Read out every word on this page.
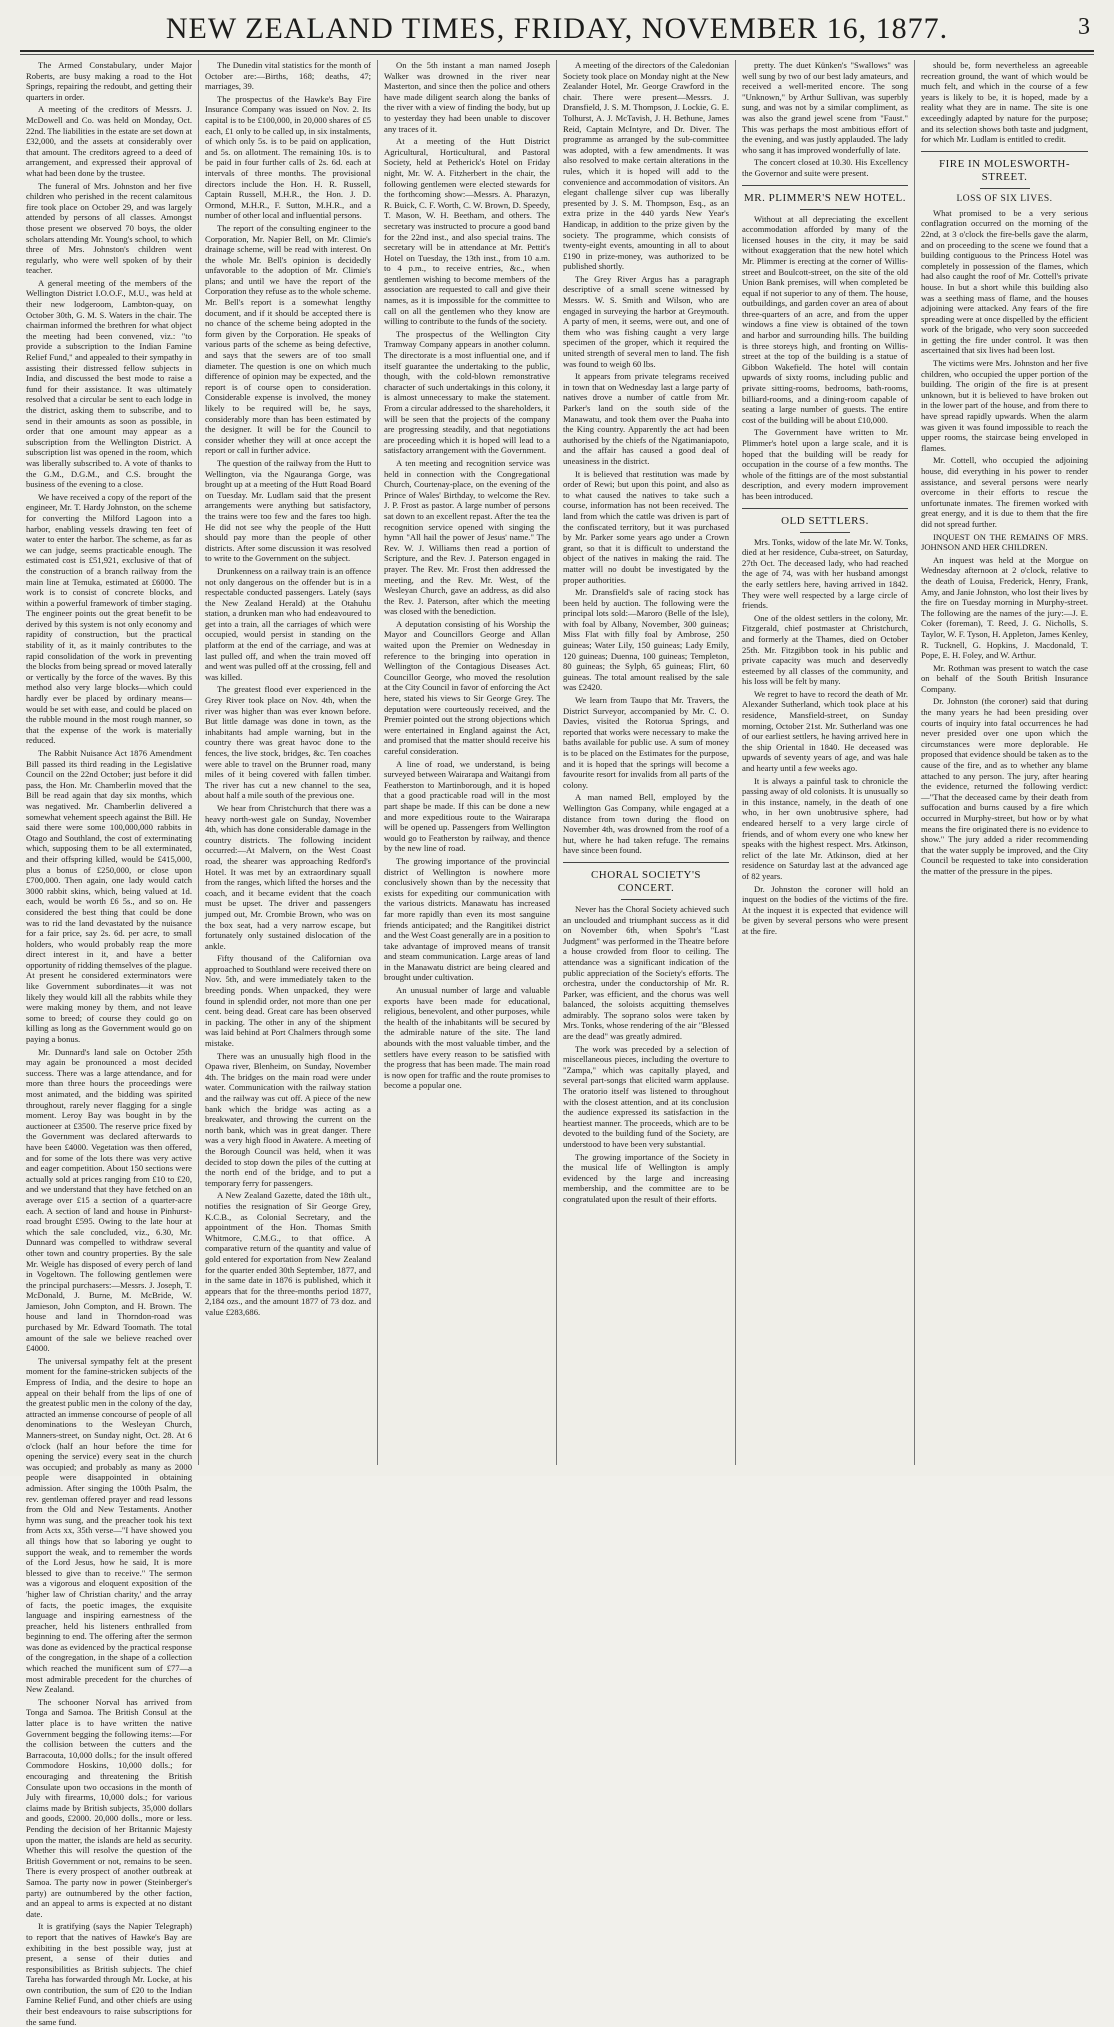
NEW ZEALAND TIMES, FRIDAY, NOVEMBER 16, 1877.	3

The Armed Constabulary, under Major Roberts, are busy making a road to the Hot Springs, repairing the redoubt, and getting their quarters in order.

A meeting of the creditors of Messrs. J. McDowell and Co. was held on Monday, Oct. 22nd. The liabilities in the estate are set down at £32,000, and the assets at considerably over that amount. The creditors agreed to a deed of arrangement, and expressed their approval of what had been done by the trustee.

The funeral of Mrs. Johnston and her five children who perished in the recent calamitous fire took place on October 29, and was largely attended by persons of all classes. Amongst those present we observed 70 boys, the older scholars attending Mr. Young's school, to which three of Mrs. Johnston's children went regularly, who were well spoken of by their teacher.

A general meeting of the members of the Wellington District I.O.O.F., M.U., was held at their new lodgeroom, Lambton-quay, on October 30th, G. M. S. Waters in the chair. The chairman informed the brethren for what object the meeting had been convened, viz.: "to provide a subscription to the Indian Famine Relief Fund," and appealed to their sympathy in assisting their distressed fellow subjects in India, and discussed the best mode to raise a fund for their assistance. It was ultimately resolved that a circular be sent to each lodge in the district, asking them to subscribe, and to send in their amounts as soon as possible, in order that one amount may appear as a subscription from the Wellington District. A subscription list was opened in the room, which was liberally subscribed to. A vote of thanks to the G.M., D.G.M., and C.S. brought the business of the evening to a close.

We have received a copy of the report of the engineer, Mr. T. Hardy Johnston, on the scheme for converting the Milford Lagoon into a harbor, enabling vessels drawing ten feet of water to enter the harbor. The scheme, as far as we can judge, seems practicable enough. The estimated cost is £51,921, exclusive of that of the construction of a branch railway from the main line at Temuka, estimated at £6000. The work is to consist of concrete blocks, and within a powerful framework of timber staging. The engineer points out the great benefit to be derived by this system is not only economy and rapidity of construction, but the practical stability of it, as it mainly contributes to the rapid consolidation of the work in preventing the blocks from being spread or moved laterally or vertically by the force of the waves. By this method also very large blocks—which could hardly ever be placed by ordinary means—would be set with ease, and could be placed on the rubble mound in the most rough manner, so that the expense of the work is materially reduced.

The Rabbit Nuisance Act 1876 Amendment Bill passed its third reading in the Legislative Council on the 22nd October; just before it did pass, the Hon. Mr. Chamberlin moved that the Bill be read again that day six months, which was negatived. Mr. Chamberlin delivered a somewhat vehement speech against the Bill. He said there were some 100,000,000 rabbits in Otago and Southland, the cost of exterminating which, supposing them to be all exterminated, and their offspring killed, would be £415,000, plus a bonus of £250,000, or close upon £700,000. Then again, one lady would catch 3000 rabbit skins, which, being valued at 1d. each, would be worth £6 5s., and so on. He considered the best thing that could be done was to rid the land devastated by the nuisance for a fair price, say 2s. 6d. per acre, to small holders, who would probably reap the more direct interest in it, and have a better opportunity of ridding themselves of the plague. At present he considered exterminators were like Government subordinates—it was not likely they would kill all the rabbits while they were making money by them, and not leave some to breed; of course they could go on killing as long as the Government would go on paying a bonus.

Mr. Dunnard's land sale on October 25th may again be pronounced a most decided success. There was a large attendance, and for more than three hours the proceedings were most animated, and the bidding was spirited throughout, rarely never flagging for a single moment. Leroy Bay was bought in by the auctioneer at £3500. The reserve price fixed by the Government was declared afterwards to have been £4000. Vegetation was then offered, and for some of the lots there was very active and eager competition. About 150 sections were actually sold at prices ranging from £10 to £20, and we understand that they have fetched on an average over £15 a section of a quarter-acre each. A section of land and house in Pinhurst-road brought £595. Owing to the late hour at which the sale concluded, viz., 6.30, Mr. Dunnard was compelled to withdraw several other town and country properties. By the sale Mr. Weigle has disposed of every perch of land in Vogeltown. The following gentlemen were the principal purchasers:—Messrs. J. Joseph, T. McDonald, J. Burne, M. McBride, W. Jamieson, John Compton, and H. Brown. The house and land in Thorndon-road was purchased by Mr. Edward Toomath. The total amount of the sale we believe reached over £4000.

The universal sympathy felt at the present moment for the famine-stricken subjects of the Empress of India, and the desire to hope an appeal on their behalf from the lips of one of the greatest public men in the colony of the day, attracted an immense concourse of people of all denominations to the Wesleyan Church, Manners-street, on Sunday night, Oct. 28. At 6 o'clock (half an hour before the time for opening the service) every seat in the church was occupied; and probably as many as 2000 people were disappointed in obtaining admission. After singing the 100th Psalm, the rev. gentleman offered prayer and read lessons from the Old and New Testaments. Another hymn was sung, and the preacher took his text from Acts xx, 35th verse—"I have showed you all things how that so laboring ye ought to support the weak, and to remember the words of the Lord Jesus, how he said, It is more blessed to give than to receive." The sermon was a vigorous and eloquent exposition of the 'higher law of Christian charity,' and the array of facts, the poetic images, the exquisite language and inspiring earnestness of the preacher, held his listeners enthralled from beginning to end. The offering after the sermon was done as evidenced by the practical response of the congregation, in the shape of a collection which reached the munificent sum of £77—a most admirable precedent for the churches of New Zealand.

The schooner Norval has arrived from Tonga and Samoa. The British Consul at the latter place is to have written the native Government begging the following items:—For the collision between the cutters and the Barracouta, 10,000 dolls.; for the insult offered Commodore Hoskins, 10,000 dolls.; for encouraging and threatening the British Consulate upon two occasions in the month of July with firearms, 10,000 dols.; for various claims made by British subjects, 35,000 dollars and goods, £2000. 20,000 dolls., more or less. Pending the decision of her Britannic Majesty upon the matter, the islands are held as security. Whether this will resolve the question of the British Government or not, remains to be seen. There is every prospect of another outbreak at Samoa. The party now in power (Steinberger's party) are outnumbered by the other faction, and an appeal to arms is expected at no distant date.

It is gratifying (says the Napier Telegraph) to report that the natives of Hawke's Bay are exhibiting in the best possible way, just at present, a sense of their duties and responsibilities as British subjects. The chief Tareha has forwarded through Mr. Locke, at his own contribution, the sum of £20 to the Indian Famine Relief Fund, and other chiefs are using their best endeavours to raise subscriptions for the same fund.

The Dunedin vital statistics for the month of October are:—Births, 168; deaths, 47; marriages, 39.

The prospectus of the Hawke's Bay Fire Insurance Company was issued on Nov. 2. Its capital is to be £100,000, in 20,000 shares of £5 each, £1 only to be called up, in six instalments, of which only 5s. is to be paid on application, and 5s. on allotment. The remaining 10s. is to be paid in four further calls of 2s. 6d. each at intervals of three months. The provisional directors include the Hon. H. R. Russell, Captain Russell, M.H.R., the Hon. J. D. Ormond, M.H.R., F. Sutton, M.H.R., and a number of other local and influential persons.

The report of the consulting engineer to the Corporation, Mr. Napier Bell, on Mr. Climie's drainage scheme, will be read with interest. On the whole Mr. Bell's opinion is decidedly unfavorable to the adoption of Mr. Climie's plans; and until we have the report of the Corporation they refuse as to the whole scheme. Mr. Bell's report is a somewhat lengthy document, and if it should be accepted there is no chance of the scheme being adopted in the form given by the Corporation. He speaks of various parts of the scheme as being defective, and says that the sewers are of too small diameter. The question is one on which much difference of opinion may be expected, and the report is of course open to consideration. Considerable expense is involved, the money likely to be required will be, he says, considerably more than has been estimated by the designer. It will be for the Council to consider whether they will at once accept the report or call in further advice.

The question of the railway from the Hutt to Wellington, via the Ngauranga Gorge, was brought up at a meeting of the Hutt Road Board on Tuesday. Mr. Ludlam said that the present arrangements were anything but satisfactory, the trains were too few and the fares too high. He did not see why the people of the Hutt should pay more than the people of other districts. After some discussion it was resolved to write to the Government on the subject.

Drunkenness on a railway train is an offence not only dangerous on the offender but is in a respectable conducted passengers. Lately (says the New Zealand Herald) at the Otahuhu station, a drunken man who had endeavoured to get into a train, all the carriages of which were occupied, would persist in standing on the platform at the end of the carriage, and was at last pulled off, and when the train moved off and went was pulled off at the crossing, fell and was killed.

The greatest flood ever experienced in the Grey River took place on Nov. 4th, when the river was higher than was ever known before. But little damage was done in town, as the inhabitants had ample warning, but in the country there was great havoc done to the fences, the live stock, bridges, &c. Ten coaches were able to travel on the Brunner road, many miles of it being covered with fallen timber. The river has cut a new channel to the sea, about half a mile south of the previous one.

We hear from Christchurch that there was a heavy north-west gale on Sunday, November 4th, which has done considerable damage in the country districts. The following incident occurred:—At Malvern, on the West Coast road, the shearer was approaching Redford's Hotel. It was met by an extraordinary squall from the ranges, which lifted the horses and the coach, and it became evident that the coach must be upset. The driver and passengers jumped out, Mr. Crombie Brown, who was on the box seat, had a very narrow escape, but fortunately only sustained dislocation of the ankle.

Fifty thousand of the Californian ova approached to Southland were received there on Nov. 5th, and were immediately taken to the breeding ponds. When unpacked, they were found in splendid order, not more than one per cent. being dead. Great care has been observed in packing. The other in any of the shipment was laid behind at Port Chalmers through some mistake.

There was an unusually high flood in the Opawa river, Blenheim, on Sunday, November 4th. The bridges on the main road were under water. Communication with the railway station and the railway was cut off. A piece of the new bank which the bridge was acting as a breakwater, and throwing the current on the north bank, which was in great danger. There was a very high flood in Awatere. A meeting of the Borough Council was held, when it was decided to stop down the piles of the cutting at the north end of the bridge, and to put a temporary ferry for passengers.

A New Zealand Gazette, dated the 18th ult., notifies the resignation of Sir George Grey, K.C.B., as Colonial Secretary, and the appointment of the Hon. Thomas Smith Whitmore, C.M.G., to that office. A comparative return of the quantity and value of gold entered for exportation from New Zealand for the quarter ended 30th September, 1877, and in the same date in 1876 is published, which it appears that for the three-months period 1877, 2,184 ozs., and the amount 1877 of 73 doz. and value £283,686.

On the 5th instant a man named Joseph Walker was drowned in the river near Masterton, and since then the police and others have made diligent search along the banks of the river with a view of finding the body, but up to yesterday they had been unable to discover any traces of it.

At a meeting of the Hutt District Agricultural, Horticultural, and Pastoral Society, held at Petherick's Hotel on Friday night, Mr. W. A. Fitzherbert in the chair, the following gentlemen were elected stewards for the forthcoming show:—Messrs. A. Pharazyn, R. Buick, C. F. Worth, C. W. Brown, D. Speedy, T. Mason, W. H. Beetham, and others. The secretary was instructed to procure a good band for the 22nd inst., and also special trains. The secretary will be in attendance at Mr. Pettit's Hotel on Tuesday, the 13th inst., from 10 a.m. to 4 p.m., to receive entries, &c., when gentlemen wishing to become members of the association are requested to call and give their names, as it is impossible for the committee to call on all the gentlemen who they know are willing to contribute to the funds of the society.

The prospectus of the Wellington City Tramway Company appears in another column. The directorate is a most influential one, and if itself guarantee the undertaking to the public, though, with the cold-blown remonstrative character of such undertakings in this colony, it is almost unnecessary to make the statement. From a circular addressed to the shareholders, it will be seen that the projects of the company are progressing steadily, and that negotiations are proceeding which it is hoped will lead to a satisfactory arrangement with the Government.

A ten meeting and recognition service was held in connection with the Congregational Church, Courtenay-place, on the evening of the Prince of Wales' Birthday, to welcome the Rev. J. P. Frost as pastor. A large number of persons sat down to an excellent repast. After the tea the recognition service opened with singing the hymn "All hail the power of Jesus' name." The Rev. W. J. Williams then read a portion of Scripture, and the Rev. J. Paterson engaged in prayer. The Rev. Mr. Frost then addressed the meeting, and the Rev. Mr. West, of the Wesleyan Church, gave an address, as did also the Rev. J. Paterson, after which the meeting was closed with the benediction.

A deputation consisting of his Worship the Mayor and Councillors George and Allan waited upon the Premier on Wednesday in reference to the bringing into operation in Wellington of the Contagious Diseases Act. Councillor George, who moved the resolution at the City Council in favor of enforcing the Act here, stated his views to Sir George Grey. The deputation were courteously received, and the Premier pointed out the strong objections which were entertained in England against the Act, and promised that the matter should receive his careful consideration.

A line of road, we understand, is being surveyed between Wairarapa and Waitangi from Featherston to Martinborough, and it is hoped that a good practicable road will in the most part shape be made. If this can be done a new and more expeditious route to the Wairarapa will be opened up. Passengers from Wellington would go to Featherston by railway, and thence by the new line of road.

The growing importance of the provincial district of Wellington is nowhere more conclusively shown than by the necessity that exists for expediting our communication with the various districts. Manawatu has increased far more rapidly than even its most sanguine friends anticipated; and the Rangitikei district and the West Coast generally are in a position to take advantage of improved means of transit and steam communication. Large areas of land in the Manawatu district are being cleared and brought under cultivation.

An unusual number of large and valuable exports have been made for educational, religious, benevolent, and other purposes, while the health of the inhabitants will be secured by the admirable nature of the site. The land abounds with the most valuable timber, and the settlers have every reason to be satisfied with the progress that has been made. The main road is now open for traffic and the route promises to become a popular one.

A meeting of the directors of the Caledonian Society took place on Monday night at the New Zealander Hotel, Mr. George Crawford in the chair. There were present—Messrs. J. Dransfield, J. S. M. Thompson, J. Lockie, G. E. Tolhurst, A. J. McTavish, J. H. Bethune, James Reid, Captain McIntyre, and Dr. Diver. The programme as arranged by the sub-committee was adopted, with a few amendments. It was also resolved to make certain alterations in the rules, which it is hoped will add to the convenience and accommodation of visitors. An elegant challenge silver cup was liberally presented by J. S. M. Thompson, Esq., as an extra prize in the 440 yards New Year's Handicap, in addition to the prize given by the society. The programme, which consists of twenty-eight events, amounting in all to about £190 in prize-money, was authorized to be published shortly.

The Grey River Argus has a paragraph descriptive of a small scene witnessed by Messrs. W. S. Smith and Wilson, who are engaged in surveying the harbor at Greymouth. A party of men, it seems, were out, and one of them who was fishing caught a very large specimen of the groper, which it required the united strength of several men to land. The fish was found to weigh 60 lbs.

It appears from private telegrams received in town that on Wednesday last a large party of natives drove a number of cattle from Mr. Parker's land on the south side of the Manawatu, and took them over the Puaha into the King country. Apparently the act had been authorised by the chiefs of the Ngatimaniapoto, and the affair has caused a good deal of uneasiness in the district.

It is believed that restitution was made by order of Rewi; but upon this point, and also as to what caused the natives to take such a course, information has not been received. The land from which the cattle was driven is part of the confiscated territory, but it was purchased by Mr. Parker some years ago under a Crown grant, so that it is difficult to understand the object of the natives in making the raid. The matter will no doubt be investigated by the proper authorities.

Mr. Dransfield's sale of racing stock has been held by auction. The following were the principal lots sold:—Maroro (Belle of the Isle), with foal by Albany, November, 300 guineas; Miss Flat with filly foal by Ambrose, 250 guineas; Water Lily, 150 guineas; Lady Emily, 120 guineas; Duenna, 100 guineas; Templeton, 80 guineas; the Sylph, 65 guineas; Flirt, 60 guineas. The total amount realised by the sale was £2420.

We learn from Taupo that Mr. Travers, the District Surveyor, accompanied by Mr. C. O. Davies, visited the Rotorua Springs, and reported that works were necessary to make the baths available for public use. A sum of money is to be placed on the Estimates for the purpose, and it is hoped that the springs will become a favourite resort for invalids from all parts of the colony.

A man named Bell, employed by the Wellington Gas Company, while engaged at a distance from town during the flood on November 4th, was drowned from the roof of a hut, where he had taken refuge. The remains have since been found.

CHORAL SOCIETY'S CONCERT.

Never has the Choral Society achieved such an unclouded and triumphant success as it did on November 6th, when Spohr's "Last Judgment" was performed in the Theatre before a house crowded from floor to ceiling. The attendance was a significant indication of the public appreciation of the Society's efforts. The orchestra, under the conductorship of Mr. R. Parker, was efficient, and the chorus was well balanced, the soloists acquitting themselves admirably. The soprano solos were taken by Mrs. Tonks, whose rendering of the air "Blessed are the dead" was greatly admired.

The work was preceded by a selection of miscellaneous pieces, including the overture to "Zampa," which was capitally played, and several part-songs that elicited warm applause. The oratorio itself was listened to throughout with the closest attention, and at its conclusion the audience expressed its satisfaction in the heartiest manner. The proceeds, which are to be devoted to the building fund of the Society, are understood to have been very substantial.

The growing importance of the Society in the musical life of Wellington is amply evidenced by the large and increasing membership, and the committee are to be congratulated upon the result of their efforts.

pretty. The duet Künken's "Swallows" was well sung by two of our best lady amateurs, and received a well-merited encore. The song "Unknown," by Arthur Sullivan, was superbly sung, and was not by a similar compliment, as was also the grand jewel scene from "Faust." This was perhaps the most ambitious effort of the evening, and was justly applauded. The lady who sang it has improved wonderfully of late.

The concert closed at 10.30. His Excellency the Governor and suite were present.

MR. PLIMMER'S NEW HOTEL.

Without at all depreciating the excellent accommodation afforded by many of the licensed houses in the city, it may be said without exaggeration that the new hotel which Mr. Plimmer is erecting at the corner of Willis-street and Boulcott-street, on the site of the old Union Bank premises, will when completed be equal if not superior to any of them. The house, outbuildings, and garden cover an area of about three-quarters of an acre, and from the upper windows a fine view is obtained of the town and harbor and surrounding hills. The building is three storeys high, and fronting on Willis-street at the top of the building is a statue of Gibbon Wakefield. The hotel will contain upwards of sixty rooms, including public and private sitting-rooms, bedrooms, bath-rooms, billiard-rooms, and a dining-room capable of seating a large number of guests. The entire cost of the building will be about £10,000.

The Government have written to Mr. Plimmer's hotel upon a large scale, and it is hoped that the building will be ready for occupation in the course of a few months. The whole of the fittings are of the most substantial description, and every modern improvement has been introduced.

OLD SETTLERS.

Mrs. Tonks, widow of the late Mr. W. Tonks, died at her residence, Cuba-street, on Saturday, 27th Oct. The deceased lady, who had reached the age of 74, was with her husband amongst the early settlers here, having arrived in 1842. They were well respected by a large circle of friends.

One of the oldest settlers in the colony, Mr. Fitzgerald, chief postmaster at Christchurch, and formerly at the Thames, died on October 25th. Mr. Fitzgibbon took in his public and private capacity was much and deservedly esteemed by all classes of the community, and his loss will be felt by many.

We regret to have to record the death of Mr. Alexander Sutherland, which took place at his residence, Mansfield-street, on Sunday morning, October 21st. Mr. Sutherland was one of our earliest settlers, he having arrived here in the ship Oriental in 1840. He deceased was upwards of seventy years of age, and was hale and hearty until a few weeks ago.

It is always a painful task to chronicle the passing away of old colonists. It is unusually so in this instance, namely, in the death of one who, in her own unobtrusive sphere, had endeared herself to a very large circle of friends, and of whom every one who knew her speaks with the highest respect. Mrs. Atkinson, relict of the late Mr. Atkinson, died at her residence on Saturday last at the advanced age of 82 years.

Dr. Johnston the coroner will hold an inquest on the bodies of the victims of the fire. At the inquest it is expected that evidence will be given by several persons who were present at the fire.

should be, form nevertheless an agreeable recreation ground, the want of which would be much felt, and which in the course of a few years is likely to be, it is hoped, made by a reality what they are in name. The site is one exceedingly adapted by nature for the purpose; and its selection shows both taste and judgment, for which Mr. Ludlam is entitled to credit.

FIRE IN MOLESWORTH-STREET.
LOSS OF SIX LIVES.

What promised to be a very serious conflagration occurred on the morning of the 22nd, at 3 o'clock the fire-bells gave the alarm, and on proceeding to the scene we found that a building contiguous to the Princess Hotel was completely in possession of the flames, which had also caught the roof of Mr. Cottell's private house. In but a short while this building also was a seething mass of flame, and the houses adjoining were attacked. Any fears of the fire spreading were at once dispelled by the efficient work of the brigade, who very soon succeeded in getting the fire under control. It was then ascertained that six lives had been lost.

The victims were Mrs. Johnston and her five children, who occupied the upper portion of the building. The origin of the fire is at present unknown, but it is believed to have broken out in the lower part of the house, and from there to have spread rapidly upwards. When the alarm was given it was found impossible to reach the upper rooms, the staircase being enveloped in flames.

Mr. Cottell, who occupied the adjoining house, did everything in his power to render assistance, and several persons were nearly overcome in their efforts to rescue the unfortunate inmates. The firemen worked with great energy, and it is due to them that the fire did not spread further.

INQUEST ON THE REMAINS OF MRS. JOHNSON AND HER CHILDREN.

An inquest was held at the Morgue on Wednesday afternoon at 2 o'clock, relative to the death of Louisa, Frederick, Henry, Frank, Amy, and Janie Johnston, who lost their lives by the fire on Tuesday morning in Murphy-street. The following are the names of the jury:—J. E. Coker (foreman), T. Reed, J. G. Nicholls, S. Taylor, W. F. Tyson, H. Appleton, James Kenley, R. Tucknell, G. Hopkins, J. Macdonald, T. Pope, E. H. Foley, and W. Arthur.

Mr. Rothman was present to watch the case on behalf of the South British Insurance Company.

Dr. Johnston (the coroner) said that during the many years he had been presiding over courts of inquiry into fatal occurrences he had never presided over one upon which the circumstances were more deplorable. He proposed that evidence should be taken as to the cause of the fire, and as to whether any blame attached to any person. The jury, after hearing the evidence, returned the following verdict:—"That the deceased came by their death from suffocation and burns caused by a fire which occurred in Murphy-street, but how or by what means the fire originated there is no evidence to show." The jury added a rider recommending that the water supply be improved, and the City Council be requested to take into consideration the matter of the pressure in the pipes.
